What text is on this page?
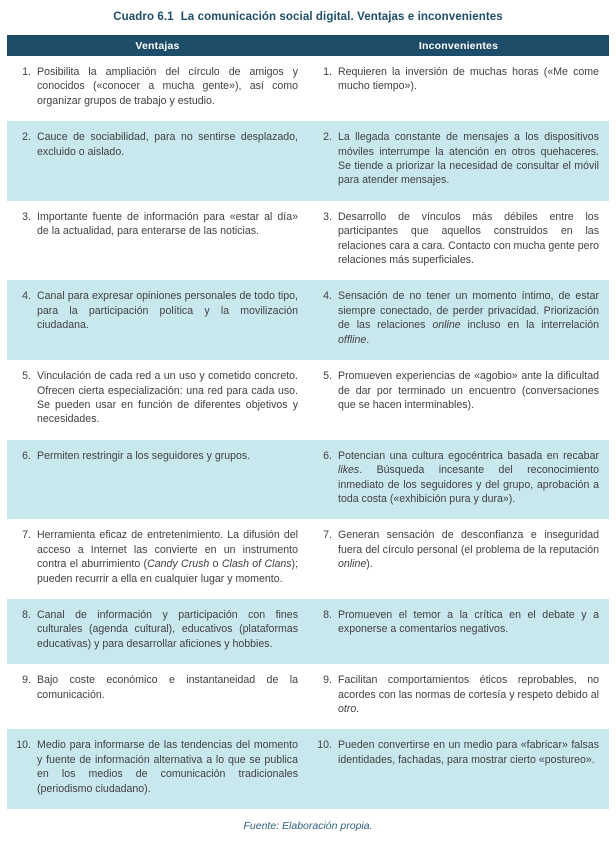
Cuadro 6.1 La comunicación social digital. Ventajas e inconvenientes
Ventajas	Inconvenientes

1. Posibilita la ampliación del círculo de amigos y conocidos («conocer a mucha gente»), así como organizar grupos de trabajo y estudio.	1. Requieren la inversión de muchas horas («Me come mucho tiempo»).

2. Cauce de sociabilidad, para no sentirse desplazado, excluido o aislado.	2. La llegada constante de mensajes a los dispositivos móviles interrumpe la atención en otros quehaceres. Se tiende a priorizar la necesidad de consultar el móvil para atender mensajes.

3. Importante fuente de información para «estar al día» de la actualidad, para enterarse de las noticias.	3. Desarrollo de vínculos más débiles entre los participantes que aquellos construidos en las relaciones cara a cara. Contacto con mucha gente pero relaciones más superficiales.

4. Canal para expresar opiniones personales de todo tipo, para la participación política y la movilización ciudadana.	4. Sensación de no tener un momento íntimo, de estar siempre conectado, de perder privacidad. Priorización de las relaciones online incluso en la interrelación offline.

5. Vinculación de cada red a un uso y cometido concreto. Ofrecen cierta especialización: una red para cada uso. Se pueden usar en función de diferentes objetivos y necesidades.	5. Promueven experiencias de «agobio» ante la dificultad de dar por terminado un encuentro (conversaciones que se hacen interminables).

6. Permiten restringir a los seguidores y grupos.	6. Potencian una cultura egocéntrica basada en recabar likes. Búsqueda incesante del reconocimiento inmediato de los seguidores y del grupo, aprobación a toda costa («exhibición pura y dura»).

7. Herramienta eficaz de entretenimiento. La difusión del acceso a Internet las convierte en un instrumento contra el aburrimiento (Candy Crush o Clash of Clans); pueden recurrir a ella en cualquier lugar y momento.	7. Generan sensación de desconfianza e inseguridad fuera del círculo personal (el problema de la reputación online).

8. Canal de información y participación con fines culturales (agenda cultural), educativos (plataformas educativas) y para desarrollar aficiones y hobbies.	8. Promueven el temor a la crítica en el debate y a exponerse a comentarios negativos.

9. Bajo coste económico e instantaneidad de la comunicación.	9. Facilitan comportamientos éticos reprobables, no acordes con las normas de cortesía y respeto debido al otro.

10. Medio para informarse de las tendencias del momento y fuente de información alternativa a lo que se publica en los medios de comunicación tradicionales (periodismo ciudadano).	10. Pueden convertirse en un medio para «fabricar» falsas identidades, fachadas, para mostrar cierto «postureo».
Fuente: Elaboración propia.
